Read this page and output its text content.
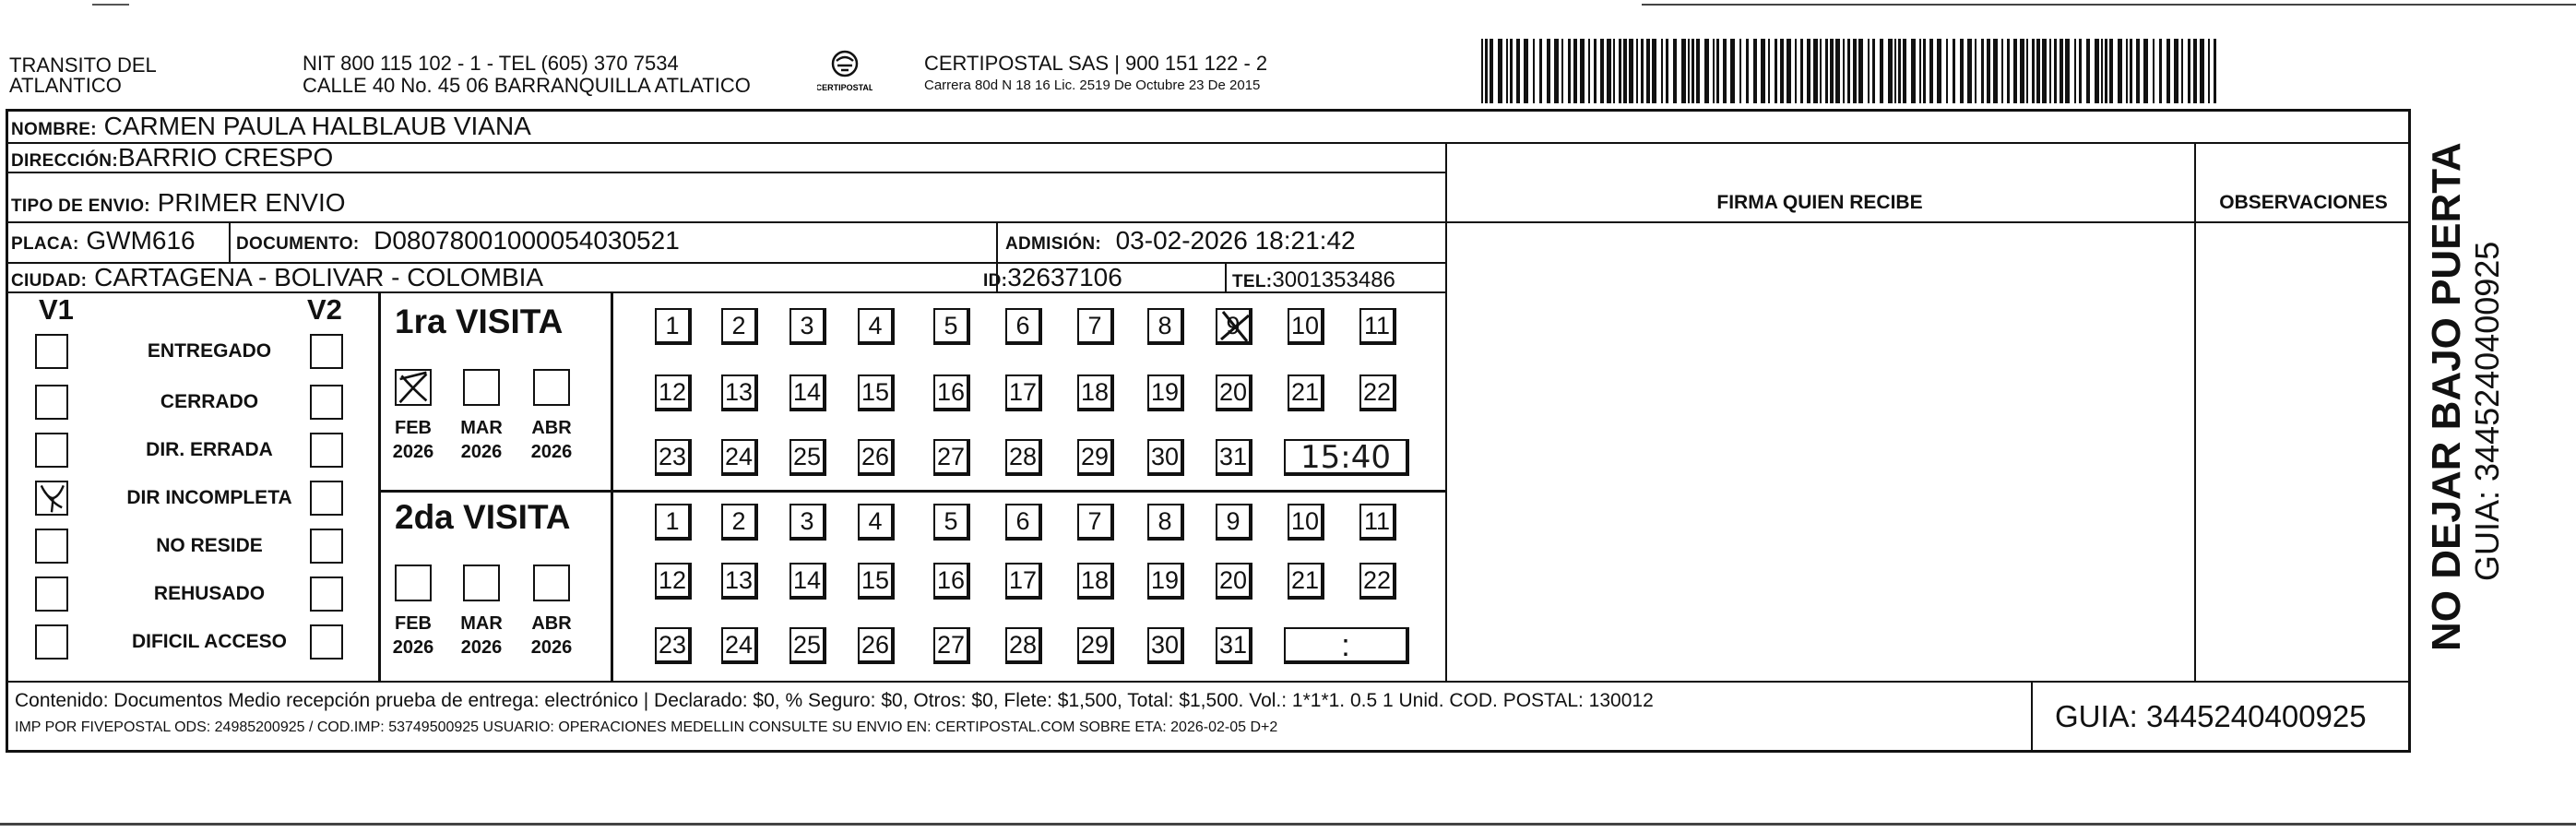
TRANSITO DEL
ATLANTICO
NIT 800 115 102 - 1 - TEL (605) 370 7534
CALLE 40 No. 45 06 BARRANQUILLA ATLATICO	CERTIPOSTAL
CERTIPOSTAL SAS | 900 151 122 - 2
Carrera 80d N 18 16 Lic. 2519 De Octubre 23 De 2015
NOMBRE: CARMEN PAULA HALBLAUB VIANA
DIRECCIÓN:BARRIO CRESPO
TIPO DE ENVIO: PRIMER ENVIO
PLACA: GWM616 DOCUMENTO: D08078001000054030521	ADMISIÓN: 03-02-2026 18:21:42
CIUDAD: CARTAGENA - BOLIVAR - COLOMBIA	ID:32637106	TEL:3001353486
FIRMA QUIEN RECIBE	OBSERVACIONES
V1	V2
ENTREGADO
CERRADO
DIR. ERRADA
DIR INCOMPLETA
NO RESIDE
REHUSADO
DIFICIL ACCESO
1ra VISITA
FEB
2026
MAR
2026
ABR
2026
1	2	3	4	5	6	7	8	9	10 11
12 13 14 15 16 17 18 19 20 21 22
23 24 25 26 27 28 29 30 31	15:40
2da VISITA
FEB
2026
MAR
2026
ABR
2026
1	2	3	4	5	6	7	8	9	10 11
12 13 14 15 16 17 18 19 20 21 22
23 24 25 26 27 28 29 30 31	:
Contenido: Documentos Medio recepción prueba de entrega: electrónico | Declarado: $0, % Seguro: $0, Otros: $0, Flete: $1,500, Total: $1,500. Vol.: 1*1*1. 0.5 1 Unid. COD. POSTAL: 130012
IMP POR FIVEPOSTAL ODS: 24985200925 / COD.IMP: 53749500925 USUARIO: OPERACIONES MEDELLIN CONSULTE SU ENVIO EN: CERTIPOSTAL.COM SOBRE ETA: 2026-02-05 D+2	GUIA: 3445240400925
NO DEJAR BAJO PUERTA GUIA: 3445240400925
